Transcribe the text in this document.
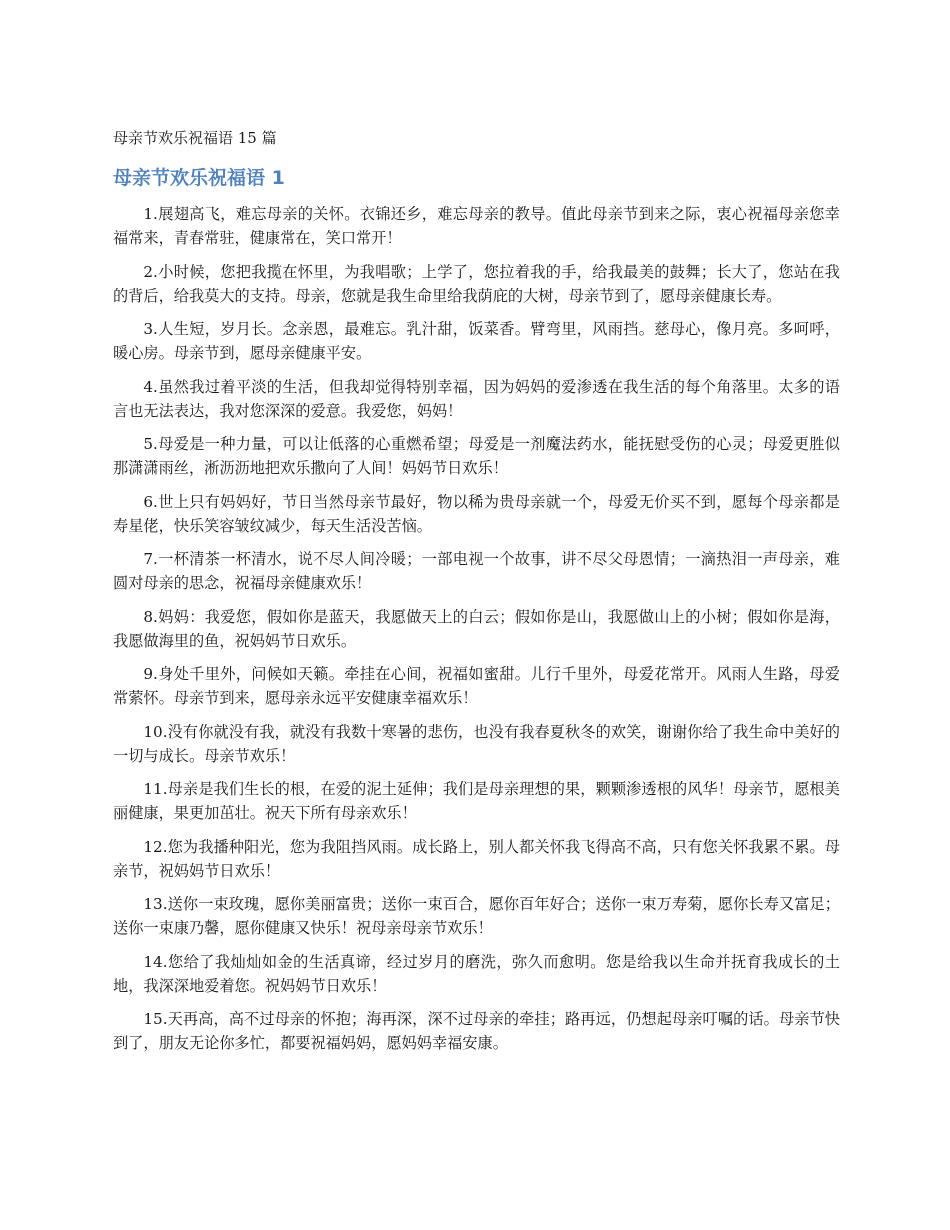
母亲节欢乐祝福语 15 篇
母亲节欢乐祝福语 1

1.展翅高飞，难忘母亲的关怀。衣锦还乡，难忘母亲的教导。值此母亲节到来之际，衷心祝福母亲您幸福常来，青春常驻，健康常在，笑口常开！

2.小时候，您把我揽在怀里，为我唱歌；上学了，您拉着我的手，给我最美的鼓舞；长大了，您站在我的背后，给我莫大的支持。母亲，您就是我生命里给我荫庇的大树，母亲节到了，愿母亲健康长寿。

3.人生短，岁月长。念亲恩，最难忘。乳汁甜，饭菜香。臂弯里，风雨挡。慈母心，像月亮。多呵呼，暖心房。母亲节到，愿母亲健康平安。

4.虽然我过着平淡的生活，但我却觉得特别幸福，因为妈妈的爱渗透在我生活的每个角落里。太多的语言也无法表达，我对您深深的爱意。我爱您，妈妈！

5.母爱是一种力量，可以让低落的心重燃希望；母爱是一剂魔法药水，能抚慰受伤的心灵；母爱更胜似那潇潇雨丝，淅沥沥地把欢乐撒向了人间！妈妈节日欢乐！

6.世上只有妈妈好，节日当然母亲节最好，物以稀为贵母亲就一个，母爱无价买不到，愿每个母亲都是寿星佬，快乐笑容皱纹减少，每天生活没苦恼。

7.一杯清茶一杯清水，说不尽人间冷暖；一部电视一个故事，讲不尽父母恩情；一滴热泪一声母亲，难圆对母亲的思念，祝福母亲健康欢乐！

8.妈妈：我爱您，假如你是蓝天，我愿做天上的白云；假如你是山，我愿做山上的小树；假如你是海，我愿做海里的鱼，祝妈妈节日欢乐。

9.身处千里外，问候如天籁。牵挂在心间，祝福如蜜甜。儿行千里外，母爱花常开。风雨人生路，母爱常萦怀。母亲节到来，愿母亲永远平安健康幸福欢乐！

10.没有你就没有我，就没有我数十寒暑的悲伤，也没有我春夏秋冬的欢笑，谢谢你给了我生命中美好的一切与成长。母亲节欢乐！

11.母亲是我们生长的根，在爱的泥土延伸；我们是母亲理想的果，颗颗渗透根的风华！母亲节，愿根美丽健康，果更加茁壮。祝天下所有母亲欢乐！

12.您为我播种阳光，您为我阻挡风雨。成长路上，别人都关怀我飞得高不高，只有您关怀我累不累。母亲节，祝妈妈节日欢乐！

13.送你一束玫瑰，愿你美丽富贵；送你一束百合，愿你百年好合；送你一束万寿菊，愿你长寿又富足；送你一束康乃馨，愿你健康又快乐！祝母亲母亲节欢乐！

14.您给了我灿灿如金的生活真谛，经过岁月的磨洗，弥久而愈明。您是给我以生命并抚育我成长的土地，我深深地爱着您。祝妈妈节日欢乐！

15.天再高，高不过母亲的怀抱；海再深，深不过母亲的牵挂；路再远，仍想起母亲叮嘱的话。母亲节快到了，朋友无论你多忙，都要祝福妈妈，愿妈妈幸福安康。
